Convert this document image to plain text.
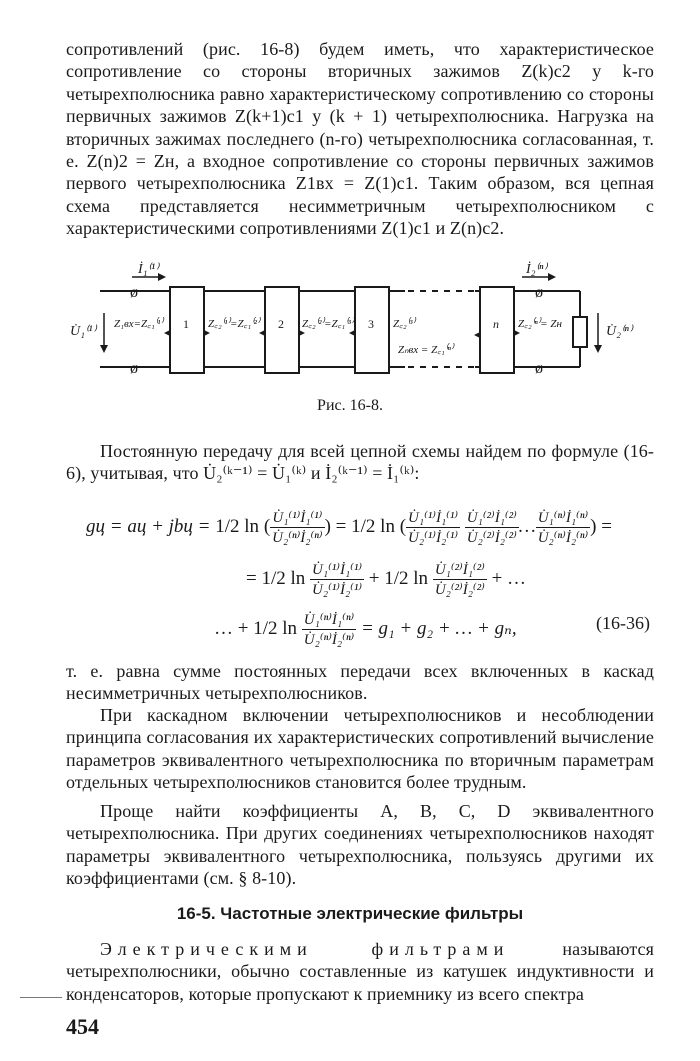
сопротивлений (рис. 16-8) будем иметь, что характеристическое сопротивление со стороны вторичных зажимов Z(k)c2 у k-го четырехполюсника равно характеристическому сопротивлению со стороны первичных зажимов Z(k+1)c1 у (k + 1) четырехполюсника. Нагрузка на вторичных зажимах последнего (n-го) четырехполюсника согласованная, т. е. Z(n)2 = Zн, а входное сопротивление со стороны первичных зажимов первого четырехполюсника Z1вх = Z(1)c1. Таким образом, вся цепная схема представляется несимметричным четырехполюсником с характеристическими сопротивлениями Z(1)c1 и Z(n)c2.

ø
ø
ø
ø
İ₁⁽¹⁾
U̇₁⁽¹⁾ Z₁вх=Z꜀₁⁽¹⁾ 1 Z꜀₂⁽¹⁾=Z꜀₁⁽²⁾ 2 Z꜀₂⁽²⁾=Z꜀₁⁽³⁾ 3 Z꜀₂⁽³⁾
Zₙвх = Z꜀₁⁽ⁿ⁾
n Z꜀₂⁽ⁿ⁾= Zн
İ₂⁽ⁿ⁾
U̇₂⁽ⁿ⁾
Рис. 16-8.

Постоянную передачу для всей цепной схемы найдем по формуле (16-6), учитывая, что U̇₂⁽ᵏ⁻¹⁾ = U̇₁⁽ᵏ⁾ и İ₂⁽ᵏ⁻¹⁾ = İ₁⁽ᵏ⁾:

gц = aц + jbц = 1/2 ln ( $\frac{\text{U̇₁⁽¹⁾İ₁⁽¹⁾}}{\text{U̇₂⁽ⁿ⁾İ₂⁽ⁿ⁾}}$ ) = 1/2 ln ( $\frac{\text{U̇₁⁽¹⁾İ₁⁽¹⁾}}{\text{U̇₂⁽¹⁾İ₂⁽¹⁾}}$
$\frac{\text{U̇₁⁽²⁾İ₁⁽²⁾}}{\text{U̇₂⁽²⁾İ₂⁽²⁾}}$ … $\frac{\text{U̇₁⁽ⁿ⁾İ₁⁽ⁿ⁾}}{\text{U̇₂⁽ⁿ⁾İ₂⁽ⁿ⁾}}$ ) =
= 1/2 $\ln \frac{\text{U̇₁⁽¹⁾İ₁⁽¹⁾}}{\text{U̇₂⁽¹⁾İ₂⁽¹⁾}} + 1/2$ $\ln \frac{\text{U̇₁⁽²⁾İ₁⁽²⁾}}{\text{U̇₂⁽²⁾İ₂⁽²⁾}}$ + …
… + 1/2 $\ln \frac{\text{U̇₁⁽ⁿ⁾İ₁⁽ⁿ⁾}}{\text{U̇₂⁽ⁿ⁾İ₂⁽ⁿ⁾}} = g_1 + g_2$ + … + gₙ,	(16-36)

т. е. равна сумме постоянных передачи всех включенных в каскад несимметричных четырехполюсников.

При каскадном включении четырехполюсников и несоблюдении принципа согласования их характеристических сопротивлений вычисление параметров эквивалентного четырехполюсника по вторичным параметрам отдельных четырехполюсников становится более трудным.

Проще найти коэффициенты A, B, C, D эквивалентного четырехполюсника. При других соединениях четырехполюсников находят параметры эквивалентного четырехполюсника, пользуясь другими их коэффициентами (см. § 8-10).

16-5. Частотные электрические фильтры

Электрическими фильтрами называются четырехполюсники, обычно составленные из катушек индуктивности и конденсаторов, которые пропускают к приемнику из всего спектра

454
